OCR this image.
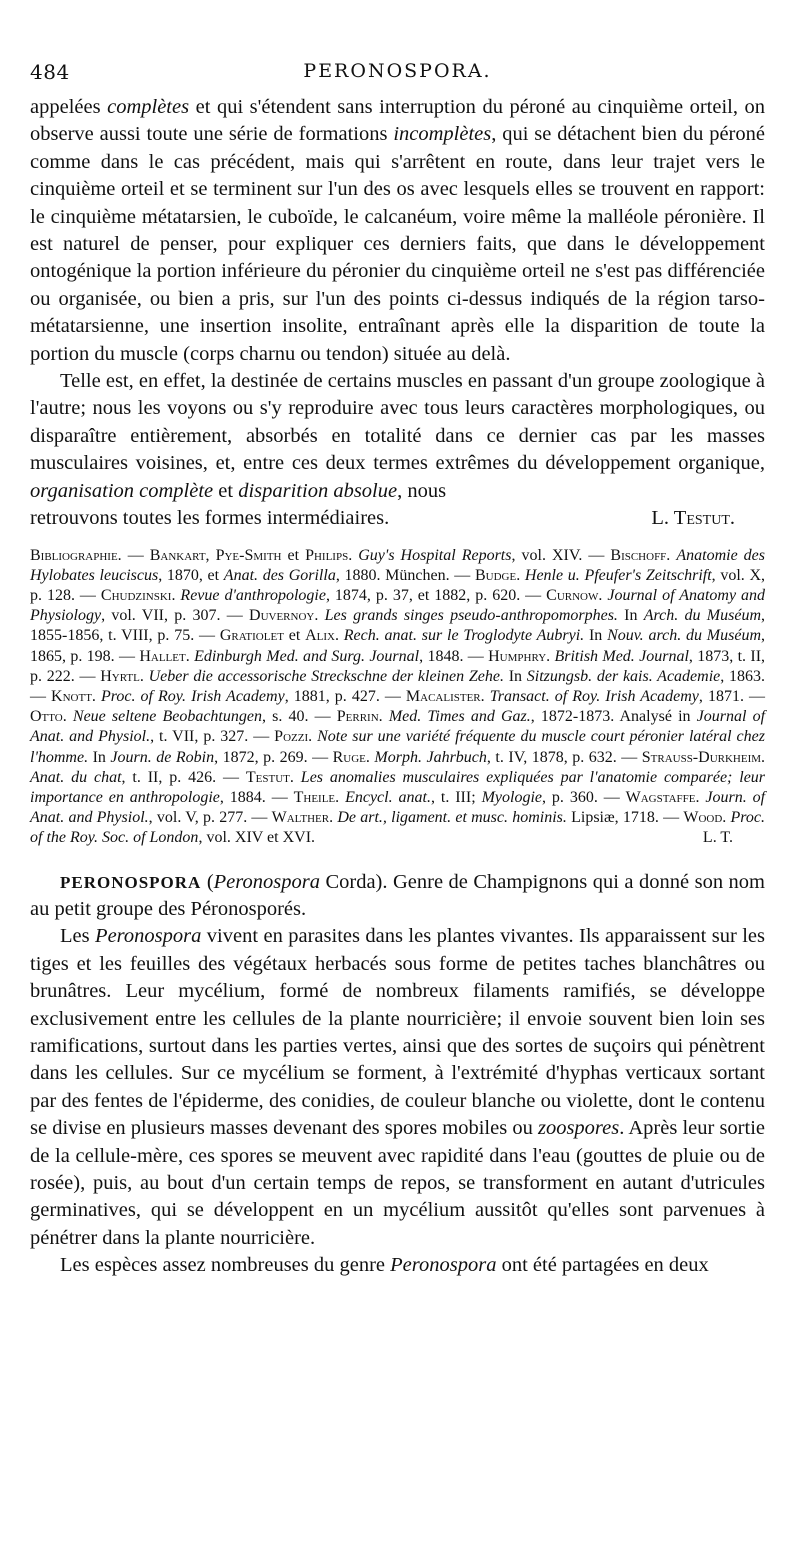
484	PERONOSPORA.

appelées complètes et qui s'étendent sans interruption du péroné au cinquième orteil, on observe aussi toute une série de formations incomplètes, qui se détachent bien du péroné comme dans le cas précédent, mais qui s'arrêtent en route, dans leur trajet vers le cinquième orteil et se terminent sur l'un des os avec lesquels elles se trouvent en rapport: le cinquième métatarsien, le cuboïde, le calcanéum, voire même la malléole péronière. Il est naturel de penser, pour expliquer ces derniers faits, que dans le développement ontogénique la portion inférieure du péronier du cinquième orteil ne s'est pas différenciée ou organisée, ou bien a pris, sur l'un des points ci-dessus indiqués de la région tarso-métatarsienne, une insertion insolite, entraînant après elle la disparition de toute la portion du muscle (corps charnu ou tendon) située au delà.

Telle est, en effet, la destinée de certains muscles en passant d'un groupe zoologique à l'autre; nous les voyons ou s'y reproduire avec tous leurs caractères morphologiques, ou disparaître entièrement, absorbés en totalité dans ce dernier cas par les masses musculaires voisines, et, entre ces deux termes extrêmes du développement organique, organisation complète et disparition absolue, nous

retrouvons toutes les formes intermédiaires.	L. Testut.
Bibliographie. — Bankart, Pye-Smith et Philips. Guy's Hospital Reports, vol. XIV. — Bischoff. Anatomie des Hylobates leuciscus, 1870, et Anat. des Gorilla, 1880. München. — Budge. Henle u. Pfeufer's Zeitschrift, vol. X, p. 128. — Chudzinski. Revue d'anthropologie, 1874, p. 37, et 1882, p. 620. — Curnow. Journal of Anatomy and Physiology, vol. VII, p. 307. — Duvernoy. Les grands singes pseudo-anthropomorphes. In Arch. du Muséum, 1855-1856, t. VIII, p. 75. — Gratiolet et Alix. Rech. anat. sur le Troglodyte Aubryi. In Nouv. arch. du Muséum, 1865, p. 198. — Hallet. Edinburgh Med. and Surg. Journal, 1848. — Humphry. British Med. Journal, 1873, t. II, p. 222. — Hyrtl. Ueber die accessorische Streckschne der kleinen Zehe. In Sitzungsb. der kais. Academie, 1863. — Knott. Proc. of Roy. Irish Academy, 1881, p. 427. — Macalister. Transact. of Roy. Irish Academy, 1871. — Otto. Neue seltene Beobachtungen, s. 40. — Perrin. Med. Times and Gaz., 1872-1873. Analysé in Journal of Anat. and Physiol., t. VII, p. 327. — Pozzi. Note sur une variété fréquente du muscle court péronier latéral chez l'homme. In Journ. de Robin, 1872, p. 269. — Ruge. Morph. Jahrbuch, t. IV, 1878, p. 632. — Strauss-Durkheim. Anat. du chat, t. II, p. 426. — Testut. Les anomalies musculaires expliquées par l'anatomie comparée; leur importance en anthropologie, 1884. — Theile. Encycl. anat., t. III; Myologie, p. 360. — Wagstaffe. Journ. of Anat. and Physiol., vol. V, p. 277. — Walther. De art., ligament. et musc. hominis. Lipsiæ, 1718. — Wood. Proc. of the Roy. Soc. of London, vol. XIV et XVI.	L. T.

PERONOSPORA (Peronospora Corda). Genre de Champignons qui a donné son nom au petit groupe des Péronosporés.

Les Peronospora vivent en parasites dans les plantes vivantes. Ils apparaissent sur les tiges et les feuilles des végétaux herbacés sous forme de petites taches blanchâtres ou brunâtres. Leur mycélium, formé de nombreux filaments ramifiés, se développe exclusivement entre les cellules de la plante nourricière; il envoie souvent bien loin ses ramifications, surtout dans les parties vertes, ainsi que des sortes de suçoirs qui pénètrent dans les cellules. Sur ce mycélium se forment, à l'extrémité d'hyphas verticaux sortant par des fentes de l'épiderme, des conidies, de couleur blanche ou violette, dont le contenu se divise en plusieurs masses devenant des spores mobiles ou zoospores. Après leur sortie de la cellule-mère, ces spores se meuvent avec rapidité dans l'eau (gouttes de pluie ou de rosée), puis, au bout d'un certain temps de repos, se transforment en autant d'utricules germinatives, qui se développent en un mycélium aussitôt qu'elles sont parvenues à pénétrer dans la plante nourricière.

Les espèces assez nombreuses du genre Peronospora ont été partagées en deux
